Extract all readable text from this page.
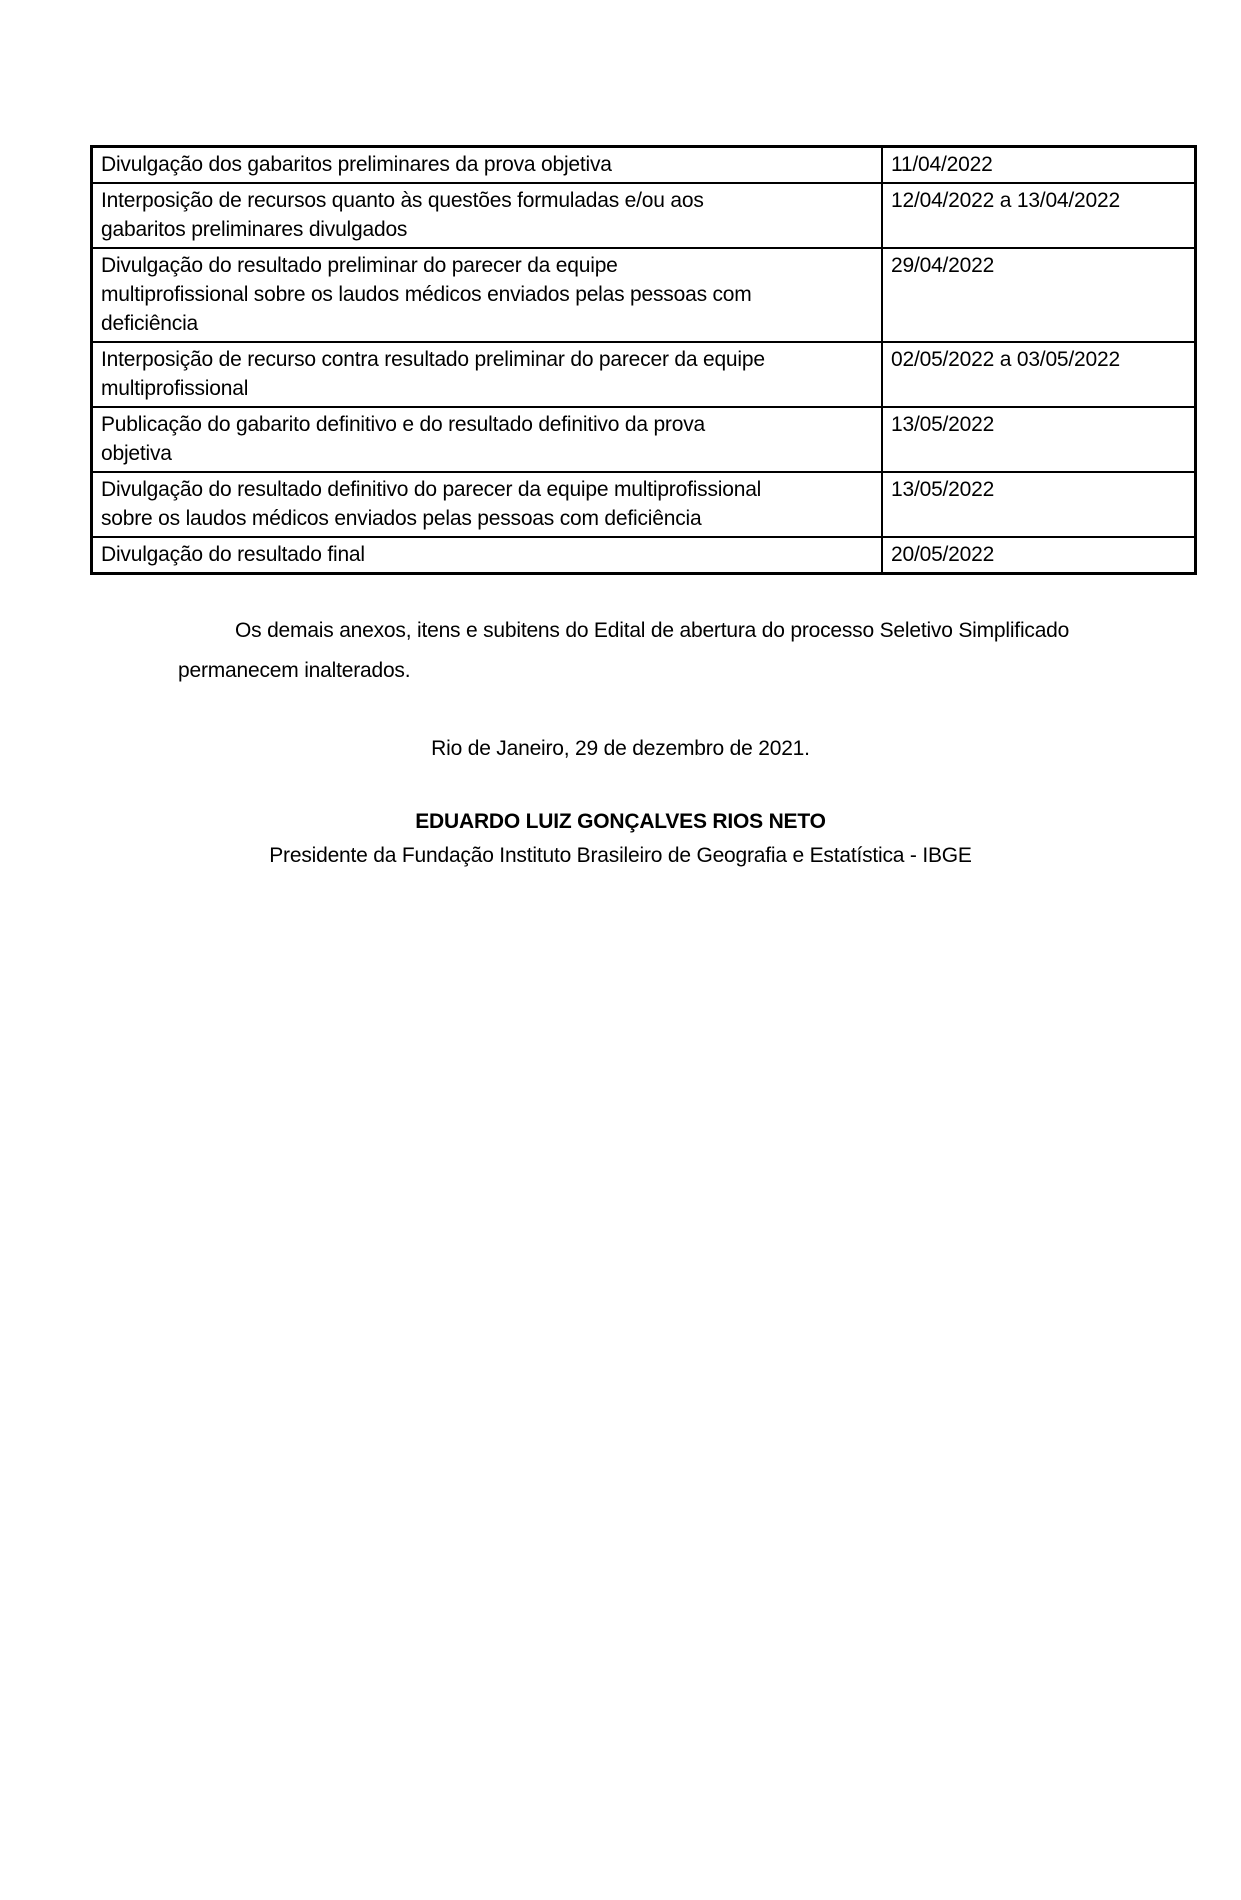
Divulgação dos gabaritos preliminares da prova objetiva	11/04/2022

Interposição de recursos quanto às questões formuladas e/ou aos
gabaritos preliminares divulgados	12/04/2022 a 13/04/2022

Divulgação do resultado preliminar do parecer da equipe
multiprofissional sobre os laudos médicos enviados pelas pessoas com
deficiência	29/04/2022

Interposição de recurso contra resultado preliminar do parecer da equipe
multiprofissional	02/05/2022 a 03/05/2022

Publicação do gabarito definitivo e do resultado definitivo da prova
objetiva	13/05/2022

Divulgação do resultado definitivo do parecer da equipe multiprofissional
sobre os laudos médicos enviados pelas pessoas com deficiência	13/05/2022

Divulgação do resultado final	20/05/2022
Os demais anexos, itens e subitens do Edital de abertura do processo Seletivo Simplificado
permanecem inalterados.
Rio de Janeiro, 29 de dezembro de 2021.
EDUARDO LUIZ GONÇALVES RIOS NETO
Presidente da Fundação Instituto Brasileiro de Geografia e Estatística - IBGE
